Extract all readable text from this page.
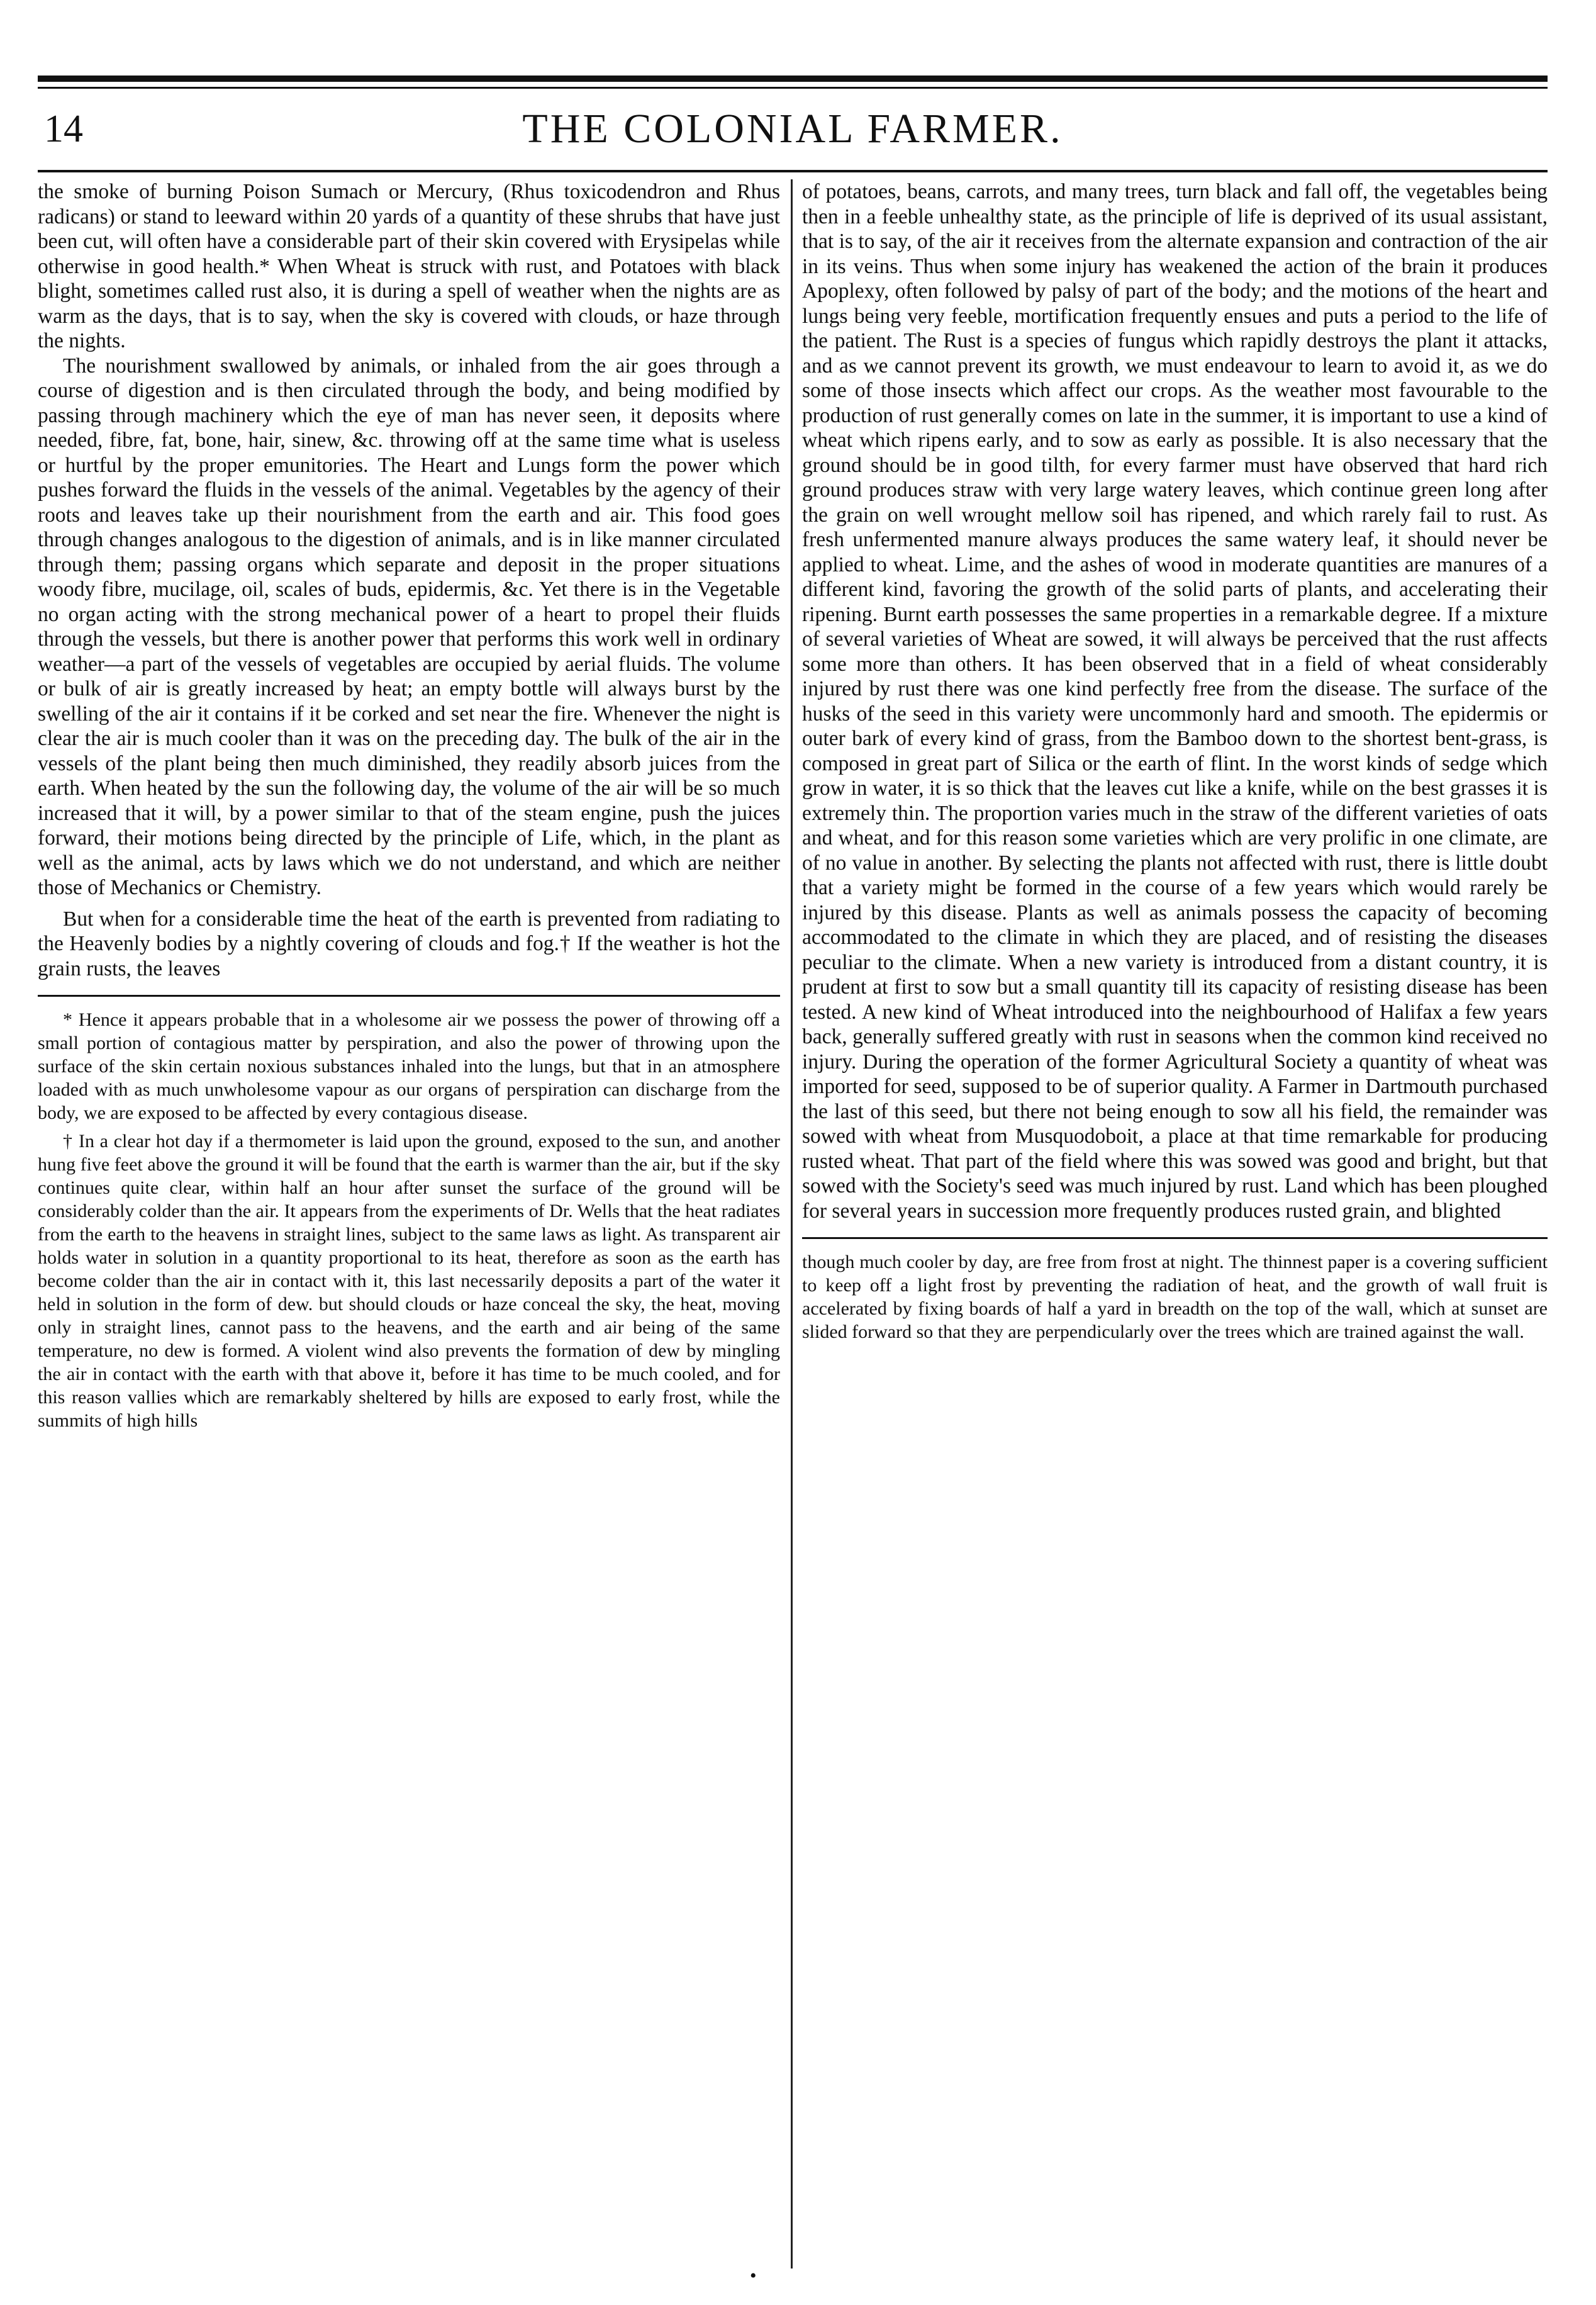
THE COLONIAL FARMER.
14

the smoke of burning Poison Sumach or Mercury, (Rhus toxicodendron and Rhus radicans) or stand to leeward within 20 yards of a quantity of these shrubs that have just been cut, will often have a considerable part of their skin covered with Erysipelas while otherwise in good health.* When Wheat is struck with rust, and Potatoes with black blight, sometimes called rust also, it is during a spell of weather when the nights are as warm as the days, that is to say, when the sky is covered with clouds, or haze through the nights.

The nourishment swallowed by animals, or inhaled from the air goes through a course of digestion and is then circulated through the body, and being modified by passing through machinery which the eye of man has never seen, it deposits where needed, fibre, fat, bone, hair, sinew, &c. throwing off at the same time what is useless or hurtful by the proper emunitories. The Heart and Lungs form the power which pushes forward the fluids in the vessels of the animal. Vegetables by the agency of their roots and leaves take up their nourishment from the earth and air. This food goes through changes analogous to the digestion of animals, and is in like manner circulated through them; passing organs which separate and deposit in the proper situations woody fibre, mucilage, oil, scales of buds, epidermis, &c. Yet there is in the Vegetable no organ acting with the strong mechanical power of a heart to propel their fluids through the vessels, but there is another power that performs this work well in ordinary weather—a part of the vessels of vegetables are occupied by aerial fluids. The volume or bulk of air is greatly increased by heat; an empty bottle will always burst by the swelling of the air it contains if it be corked and set near the fire. Whenever the night is clear the air is much cooler than it was on the preceding day. The bulk of the air in the vessels of the plant being then much diminished, they readily absorb juices from the earth. When heated by the sun the following day, the volume of the air will be so much increased that it will, by a power similar to that of the steam engine, push the juices forward, their motions being directed by the principle of Life, which, in the plant as well as the animal, acts by laws which we do not understand, and which are neither those of Mechanics or Chemistry.

But when for a considerable time the heat of the earth is prevented from radiating to the Heavenly bodies by a nightly covering of clouds and fog.† If the weather is hot the grain rusts, the leaves

* Hence it appears probable that in a wholesome air we possess the power of throwing off a small portion of contagious matter by perspiration, and also the power of throwing upon the surface of the skin certain noxious substances inhaled into the lungs, but that in an atmosphere loaded with as much unwholesome vapour as our organs of perspiration can discharge from the body, we are exposed to be affected by every contagious disease.

† In a clear hot day if a thermometer is laid upon the ground, exposed to the sun, and another hung five feet above the ground it will be found that the earth is warmer than the air, but if the sky continues quite clear, within half an hour after sunset the surface of the ground will be considerably colder than the air. It appears from the experiments of Dr. Wells that the heat radiates from the earth to the heavens in straight lines, subject to the same laws as light. As transparent air holds water in solution in a quantity proportional to its heat, therefore as soon as the earth has become colder than the air in contact with it, this last necessarily deposits a part of the water it held in solution in the form of dew. but should clouds or haze conceal the sky, the heat, moving only in straight lines, cannot pass to the heavens, and the earth and air being of the same temperature, no dew is formed. A violent wind also prevents the formation of dew by mingling the air in contact with the earth with that above it, before it has time to be much cooled, and for this reason vallies which are remarkably sheltered by hills are exposed to early frost, while the summits of high hills

of potatoes, beans, carrots, and many trees, turn black and fall off, the vegetables being then in a feeble unhealthy state, as the principle of life is deprived of its usual assistant, that is to say, of the air it receives from the alternate expansion and contraction of the air in its veins. Thus when some injury has weakened the action of the brain it produces Apoplexy, often followed by palsy of part of the body; and the motions of the heart and lungs being very feeble, mortification frequently ensues and puts a period to the life of the patient. The Rust is a species of fungus which rapidly destroys the plant it attacks, and as we cannot prevent its growth, we must endeavour to learn to avoid it, as we do some of those insects which affect our crops. As the weather most favourable to the production of rust generally comes on late in the summer, it is important to use a kind of wheat which ripens early, and to sow as early as possible. It is also necessary that the ground should be in good tilth, for every farmer must have observed that hard rich ground produces straw with very large watery leaves, which continue green long after the grain on well wrought mellow soil has ripened, and which rarely fail to rust. As fresh unfermented manure always produces the same watery leaf, it should never be applied to wheat. Lime, and the ashes of wood in moderate quantities are manures of a different kind, favoring the growth of the solid parts of plants, and accelerating their ripening. Burnt earth possesses the same properties in a remarkable degree. If a mixture of several varieties of Wheat are sowed, it will always be perceived that the rust affects some more than others. It has been observed that in a field of wheat considerably injured by rust there was one kind perfectly free from the disease. The surface of the husks of the seed in this variety were uncommonly hard and smooth. The epidermis or outer bark of every kind of grass, from the Bamboo down to the shortest bent-grass, is composed in great part of Silica or the earth of flint. In the worst kinds of sedge which grow in water, it is so thick that the leaves cut like a knife, while on the best grasses it is extremely thin. The proportion varies much in the straw of the different varieties of oats and wheat, and for this reason some varieties which are very prolific in one climate, are of no value in another. By selecting the plants not affected with rust, there is little doubt that a variety might be formed in the course of a few years which would rarely be injured by this disease. Plants as well as animals possess the capacity of becoming accommodated to the climate in which they are placed, and of resisting the diseases peculiar to the climate. When a new variety is introduced from a distant country, it is prudent at first to sow but a small quantity till its capacity of resisting disease has been tested. A new kind of Wheat introduced into the neighbourhood of Halifax a few years back, generally suffered greatly with rust in seasons when the common kind received no injury. During the operation of the former Agricultural Society a quantity of wheat was imported for seed, supposed to be of superior quality. A Farmer in Dartmouth purchased the last of this seed, but there not being enough to sow all his field, the remainder was sowed with wheat from Musquodoboit, a place at that time remarkable for producing rusted wheat. That part of the field where this was sowed was good and bright, but that sowed with the Society's seed was much injured by rust. Land which has been ploughed for several years in succession more frequently produces rusted grain, and blighted

though much cooler by day, are free from frost at night. The thinnest paper is a covering sufficient to keep off a light frost by preventing the radiation of heat, and the growth of wall fruit is accelerated by fixing boards of half a yard in breadth on the top of the wall, which at sunset are slided forward so that they are perpendicularly over the trees which are trained against the wall.

•
